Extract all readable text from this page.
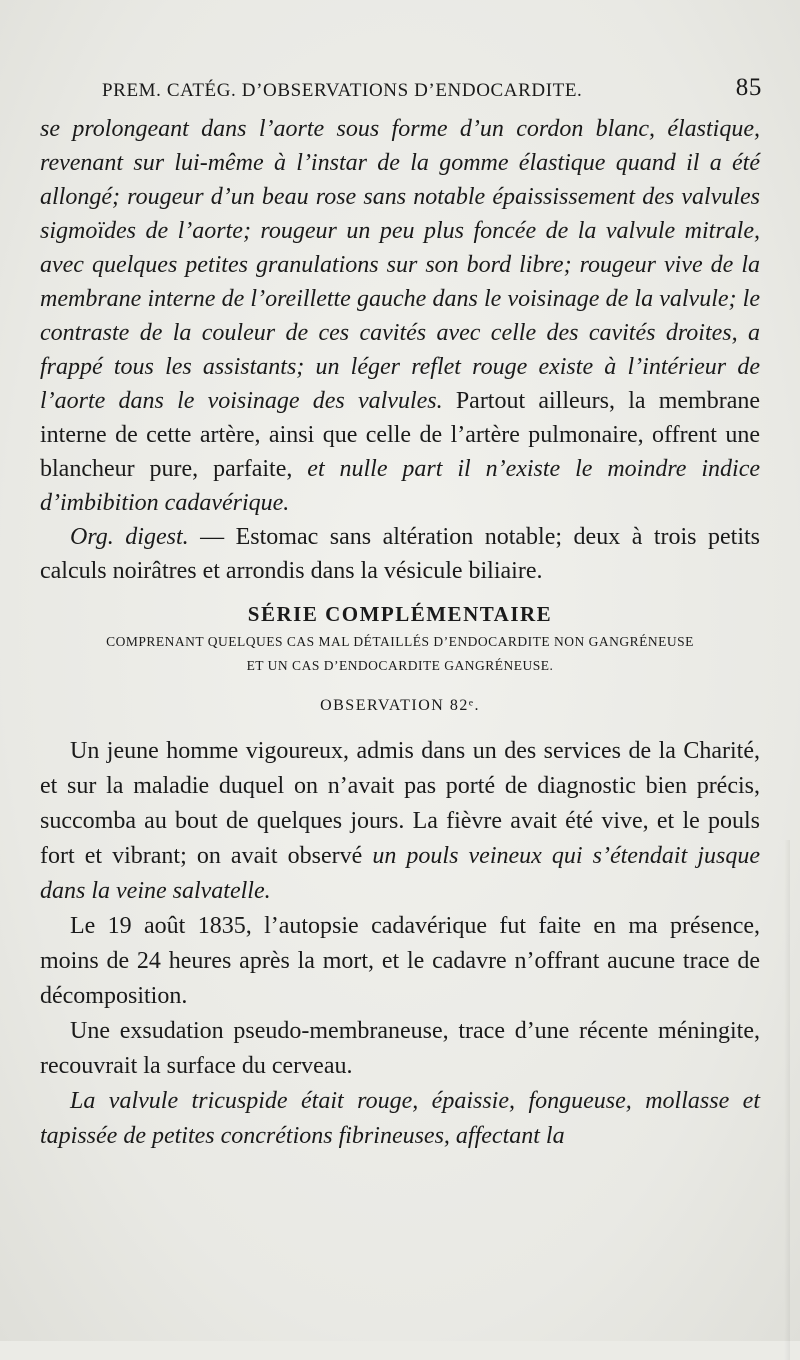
PREM. CATÉG. D’OBSERVATIONS D’ENDOCARDITE.	85

se prolongeant dans l’aorte sous forme d’un cordon blanc, élastique, revenant sur lui-même à l’instar de la gomme élastique quand il a été allongé; rougeur d’un beau rose sans notable épaississement des valvules sigmoïdes de l’aorte; rougeur un peu plus foncée de la valvule mitrale, avec quelques petites granulations sur son bord libre; rougeur vive de la membrane interne de l’oreillette gauche dans le voisinage de la valvule; le contraste de la couleur de ces cavités avec celle des cavités droites, a frappé tous les assistants; un léger reflet rouge existe à l’intérieur de l’aorte dans le voisinage des valvules. Partout ailleurs, la membrane interne de cette artère, ainsi que celle de l’artère pulmonaire, offrent une blancheur pure, parfaite, et nulle part il n’existe le moindre indice d’imbibition cadavérique.

Org. digest. — Estomac sans altération notable; deux à trois petits calculs noirâtres et arrondis dans la vésicule biliaire.

SÉRIE COMPLÉMENTAIRE
COMPRENANT QUELQUES CAS MAL DÉTAILLÉS D’ENDOCARDITE NON GANGRÉNEUSE
ET UN CAS D’ENDOCARDITE GANGRÉNEUSE.
OBSERVATION 82ᵉ.

Un jeune homme vigoureux, admis dans un des services de la Charité, et sur la maladie duquel on n’avait pas porté de diagnostic bien précis, succomba au bout de quelques jours. La fièvre avait été vive, et le pouls fort et vibrant; on avait observé un pouls veineux qui s’étendait jusque dans la veine salvatelle.

Le 19 août 1835, l’autopsie cadavérique fut faite en ma présence, moins de 24 heures après la mort, et le cadavre n’offrant aucune trace de décomposition.

Une exsudation pseudo-membraneuse, trace d’une récente méningite, recouvrait la surface du cerveau.

La valvule tricuspide était rouge, épaissie, fongueuse, mollasse et tapissée de petites concrétions fibrineuses, affectant la
